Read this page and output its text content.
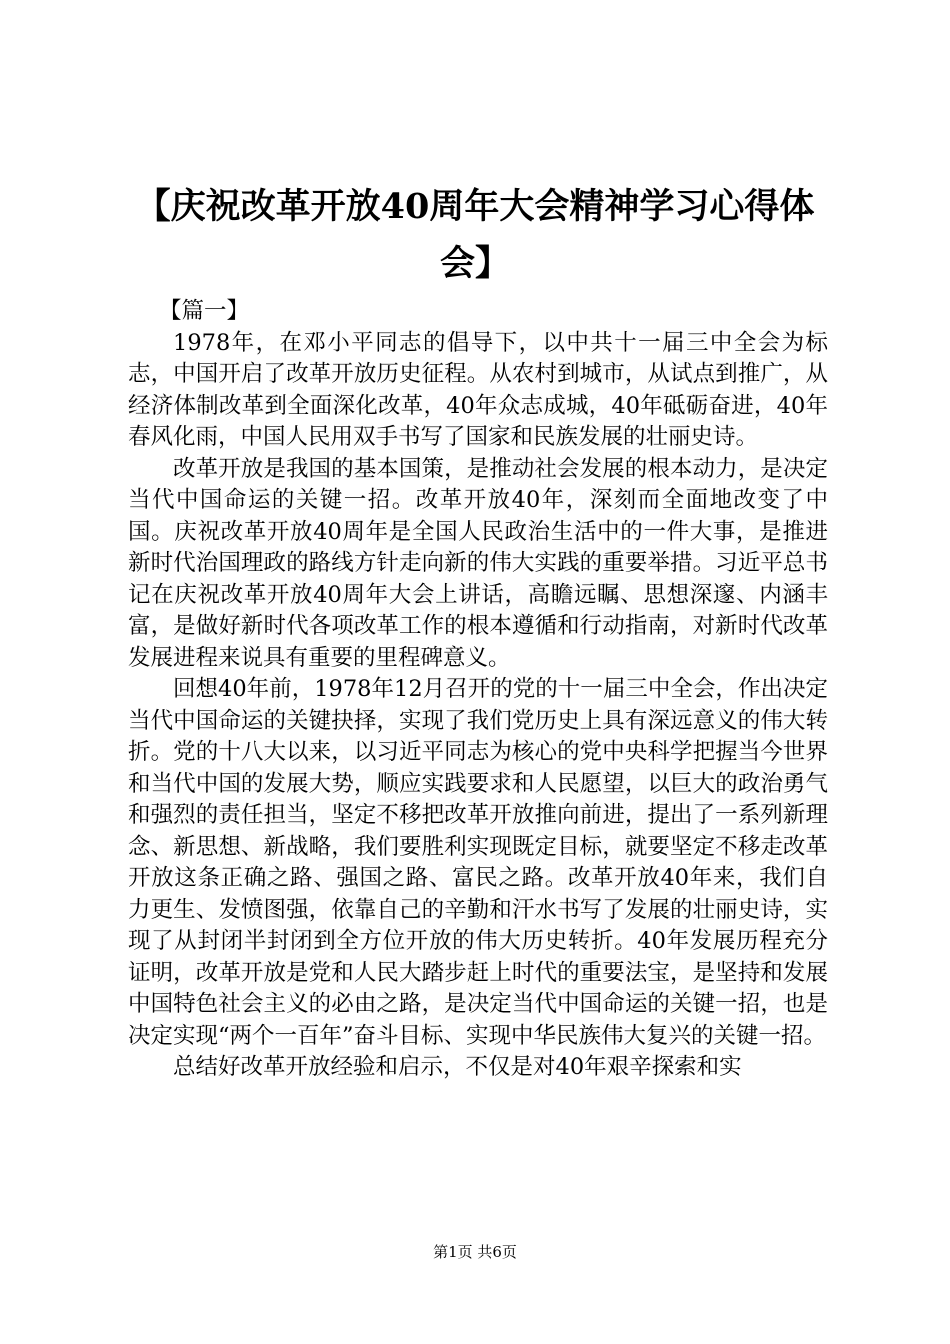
【庆祝改革开放40周年大会精神学习心得体会】

【篇一】

1978年，在邓小平同志的倡导下，以中共十一届三中全会为标志，中国开启了改革开放历史征程。从农村到城市，从试点到推广，从经济体制改革到全面深化改革，40年众志成城，40年砥砺奋进，40年春风化雨，中国人民用双手书写了国家和民族发展的壮丽史诗。

改革开放是我国的基本国策，是推动社会发展的根本动力，是决定当代中国命运的关键一招。改革开放40年，深刻而全面地改变了中国。庆祝改革开放40周年是全国人民政治生活中的一件大事，是推进新时代治国理政的路线方针走向新的伟大实践的重要举措。习近平总书记在庆祝改革开放40周年大会上讲话，高瞻远瞩、思想深邃、内涵丰富，是做好新时代各项改革工作的根本遵循和行动指南，对新时代改革发展进程来说具有重要的里程碑意义。

回想40年前，1978年12月召开的党的十一届三中全会，作出决定当代中国命运的关键抉择，实现了我们党历史上具有深远意义的伟大转折。党的十八大以来，以习近平同志为核心的党中央科学把握当今世界和当代中国的发展大势，顺应实践要求和人民愿望，以巨大的政治勇气和强烈的责任担当，坚定不移把改革开放推向前进，提出了一系列新理念、新思想、新战略，我们要胜利实现既定目标，就要坚定不移走改革开放这条正确之路、强国之路、富民之路。改革开放40年来，我们自力更生、发愤图强，依靠自己的辛勤和汗水书写了发展的壮丽史诗，实现了从封闭半封闭到全方位开放的伟大历史转折。40年发展历程充分证明，改革开放是党和人民大踏步赶上时代的重要法宝，是坚持和发展中国特色社会主义的必由之路，是决定当代中国命运的关键一招，也是决定实现“两个一百年”奋斗目标、实现中华民族伟大复兴的关键一招。

总结好改革开放经验和启示，不仅是对40年艰辛探索和实

第1页 共6页
